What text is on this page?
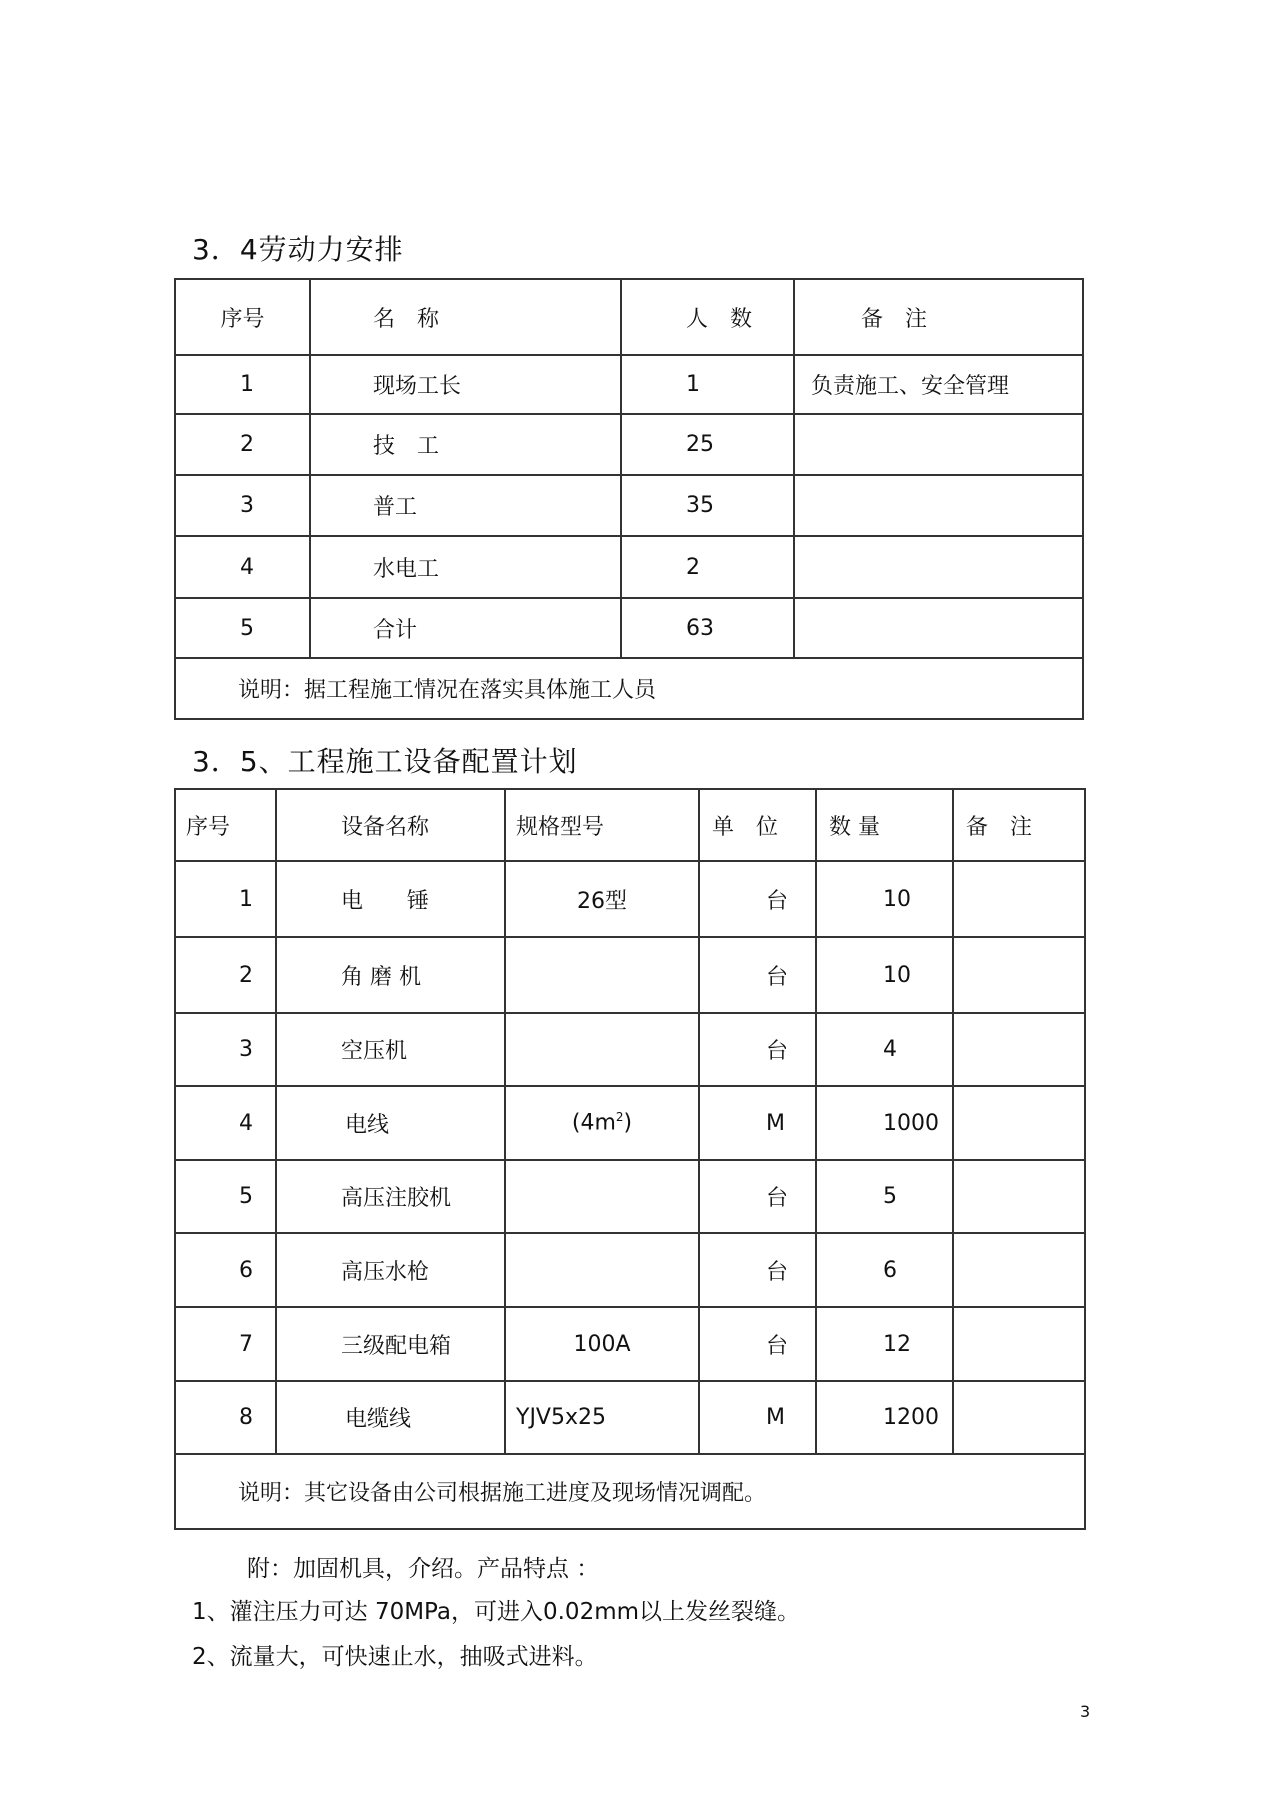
3．4劳动力安排
序号	名　称	人　数	备　注
1	现场工长	1	负责施工、安全管理
2	技　工	25	
3	普工	35	
4	水电工	2	
5	合计	63	
说明：据工程施工情况在落实具体施工人员			
3．5、工程施工设备配置计划
序号	设备名称	规格型号	单　位	数 量	备　注
1	电　　锤	26型	台	10	
2	角 磨 机		台	10	
3	空压机		台	4	
4	电线	$(4m^2)$	M	1000	
5	高压注胶机		台	5	
6	高压水枪		台	6	
7	三级配电箱	100A	台	12	
8	电缆线	YJV5x25	M	1200	
说明：其它设备由公司根据施工进度及现场情况调配。					
附：加固机具，介绍。产品特点 ：
1、灌注压力可达 70MPa，可进入0.02mm以上发丝裂缝。
2、流量大，可快速止水，抽吸式进料。
3
